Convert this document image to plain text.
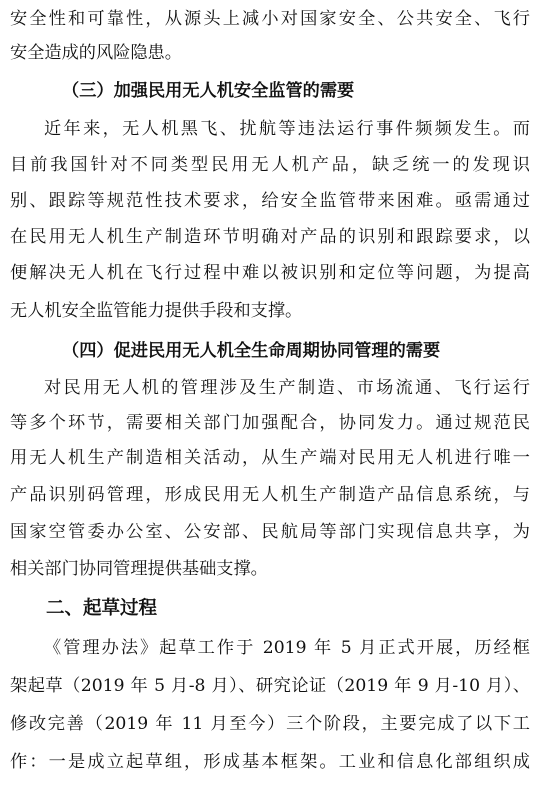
安全性和可靠性，从源头上减小对国家安全、公共安全、飞行
安全造成的风险隐患。
（三）加强民用无人机安全监管的需要
近年来，无人机黑飞、扰航等违法运行事件频频发生。而
目前我国针对不同类型民用无人机产品，缺乏统一的发现识
别、跟踪等规范性技术要求，给安全监管带来困难。亟需通过
在民用无人机生产制造环节明确对产品的识别和跟踪要求，以
便解决无人机在飞行过程中难以被识别和定位等问题，为提高
无人机安全监管能力提供手段和支撑。
（四）促进民用无人机全生命周期协同管理的需要
对民用无人机的管理涉及生产制造、市场流通、飞行运行
等多个环节，需要相关部门加强配合，协同发力。通过规范民
用无人机生产制造相关活动，从生产端对民用无人机进行唯一
产品识别码管理，形成民用无人机生产制造产品信息系统，与
国家空管委办公室、公安部、民航局等部门实现信息共享，为
相关部门协同管理提供基础支撑。
二、起草过程
《管理办法》起草工作于 2019 年 5 月正式开展，历经框
架起草（2019 年 5 月-8 月）、研究论证（2019 年 9 月-10 月）、
修改完善（2019 年 11 月至今）三个阶段，主要完成了以下工
作：一是成立起草组，形成基本框架。工业和信息化部组织成
